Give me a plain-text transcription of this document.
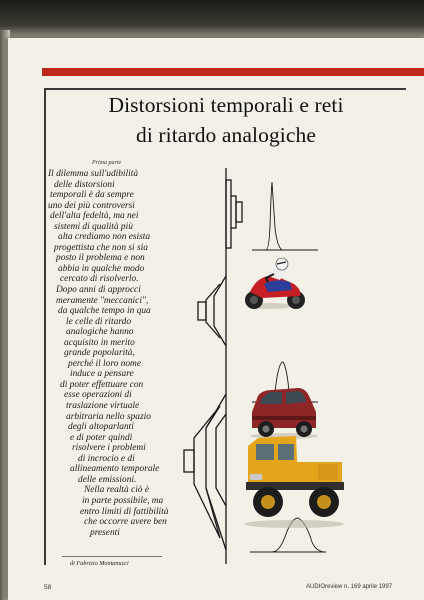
Distorsioni temporali e reti
di ritardo analogiche
Prima parte
Il dilemma sull'udibilità
delle distorsioni
temporali è da sempre
uno dei più controversi
dell'alta fedeltà, ma nei
sistemi di qualità più
alta crediamo non esista
progettista che non si sia
posto il problema e non
abbia in qualche modo
cercato di risolverlo.
Dopo anni di approcci
meramente "meccanici",
da qualche tempo in qua
le celle di ritardo
analogiche hanno
acquisito in merito
grande popolarità,
perché il loro nome
induce a pensare
di poter effettuare con
esse operazioni di
traslazione virtuale
arbitraria nello spazio
degli altoparlanti
e di poter quindi
risolvere i problemi
di incrocio e di
allineamento temporale
delle emissioni.
Nella realtà ciò è
in parte possibile, ma
entro limiti di fattibilità
che occorre avere ben
presenti
di Fabrizio Montanucci
58	AUDIOreview n. 169 aprile 1997
